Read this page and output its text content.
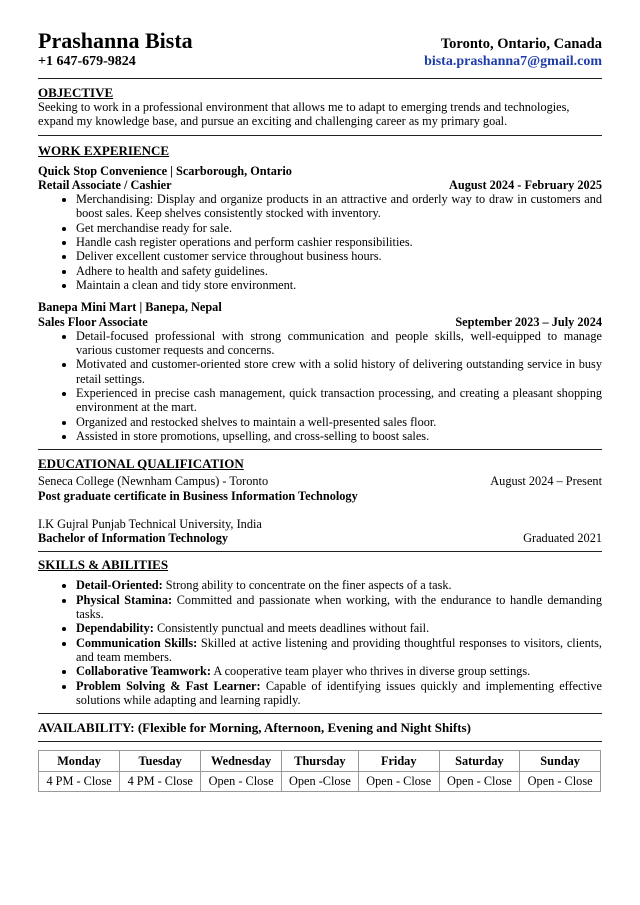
Prashanna Bista	Toronto, Ontario, Canada
+1 647-679-9824	bista.prashanna7@gmail.com
OBJECTIVE
Seeking to work in a professional environment that allows me to adapt to emerging trends and technologies, expand my knowledge base, and pursue an exciting and challenging career as my primary goal.
WORK EXPERIENCE
Quick Stop Convenience | Scarborough, Ontario
Retail Associate / Cashier	August 2024 - February 2025
• Merchandising: Display and organize products in an attractive and orderly way to draw in customers and boost sales. Keep shelves consistently stocked with inventory.
• Get merchandise ready for sale.
• Handle cash register operations and perform cashier responsibilities.
• Deliver excellent customer service throughout business hours.
• Adhere to health and safety guidelines.
• Maintain a clean and tidy store environment.
Banepa Mini Mart | Banepa, Nepal
Sales Floor Associate	September 2023 – July 2024
• Detail-focused professional with strong communication and people skills, well-equipped to manage various customer requests and concerns.
• Motivated and customer-oriented store crew with a solid history of delivering outstanding service in busy retail settings.
• Experienced in precise cash management, quick transaction processing, and creating a pleasant shopping environment at the mart.
• Organized and restocked shelves to maintain a well-presented sales floor.
• Assisted in store promotions, upselling, and cross-selling to boost sales.
EDUCATIONAL QUALIFICATION
Seneca College (Newnham Campus) - Toronto	August 2024 – Present
Post graduate certificate in Business Information Technology
I.K Gujral Punjab Technical University, India
Bachelor of Information Technology	Graduated 2021
SKILLS & ABILITIES
• Detail-Oriented: Strong ability to concentrate on the finer aspects of a task.
• Physical Stamina: Committed and passionate when working, with the endurance to handle demanding tasks.
• Dependability: Consistently punctual and meets deadlines without fail.
• Communication Skills: Skilled at active listening and providing thoughtful responses to visitors, clients, and team members.
• Collaborative Teamwork: A cooperative team player who thrives in diverse group settings.
• Problem Solving & Fast Learner: Capable of identifying issues quickly and implementing effective solutions while adapting and learning rapidly.
AVAILABILITY: (Flexible for Morning, Afternoon, Evening and Night Shifts)
Monday	Tuesday	Wednesday	Thursday	Friday	Saturday	Sunday
4 PM - Close	4 PM - Close	Open - Close	Open -Close	Open - Close	Open - Close	Open - Close
